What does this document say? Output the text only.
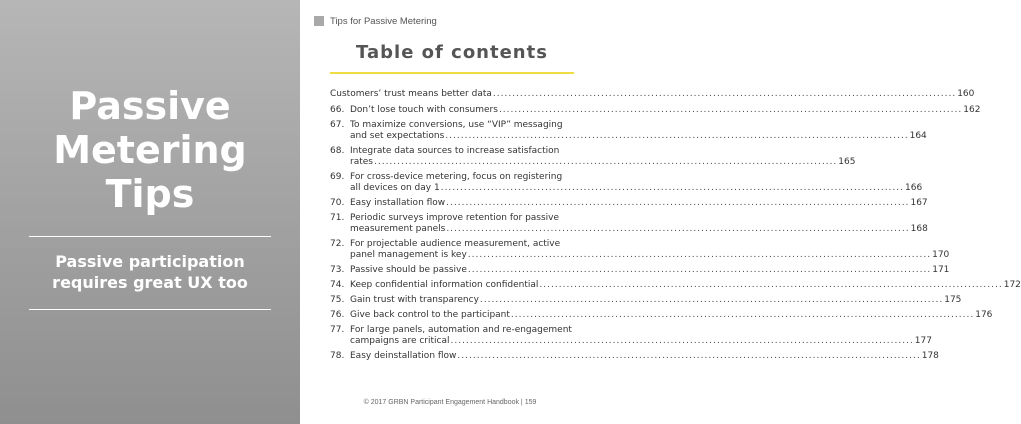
Passive
Metering
Tips
Passive participation
requires great UX too
Tips for Passive Metering
Table of contents
Customers’ trust means better data ........................................................................................................................ 160
66. Don’t lose touch with consumers ........................................................................................................................ 162
67. To maximize conversions, use “VIP” messaging
and set expectations ........................................................................................................................ 164
68. Integrate data sources to increase satisfaction
rates ........................................................................................................................ 165
69. For cross-device metering, focus on registering
all devices on day 1 ........................................................................................................................ 166
70. Easy installation flow ........................................................................................................................ 167
71. Periodic surveys improve retention for passive
measurement panels ........................................................................................................................ 168
72. For projectable audience measurement, active
panel management is key ........................................................................................................................ 170
73. Passive should be passive ........................................................................................................................ 171
74. Keep confidential information confidential ........................................................................................................................ 172
75. Gain trust with transparency ........................................................................................................................ 175
76. Give back control to the participant ........................................................................................................................ 176
77. For large panels, automation and re-engagement
campaigns are critical ........................................................................................................................ 177
78. Easy deinstallation flow ........................................................................................................................ 178
© 2017 GRBN Participant Engagement Handbook | 159
